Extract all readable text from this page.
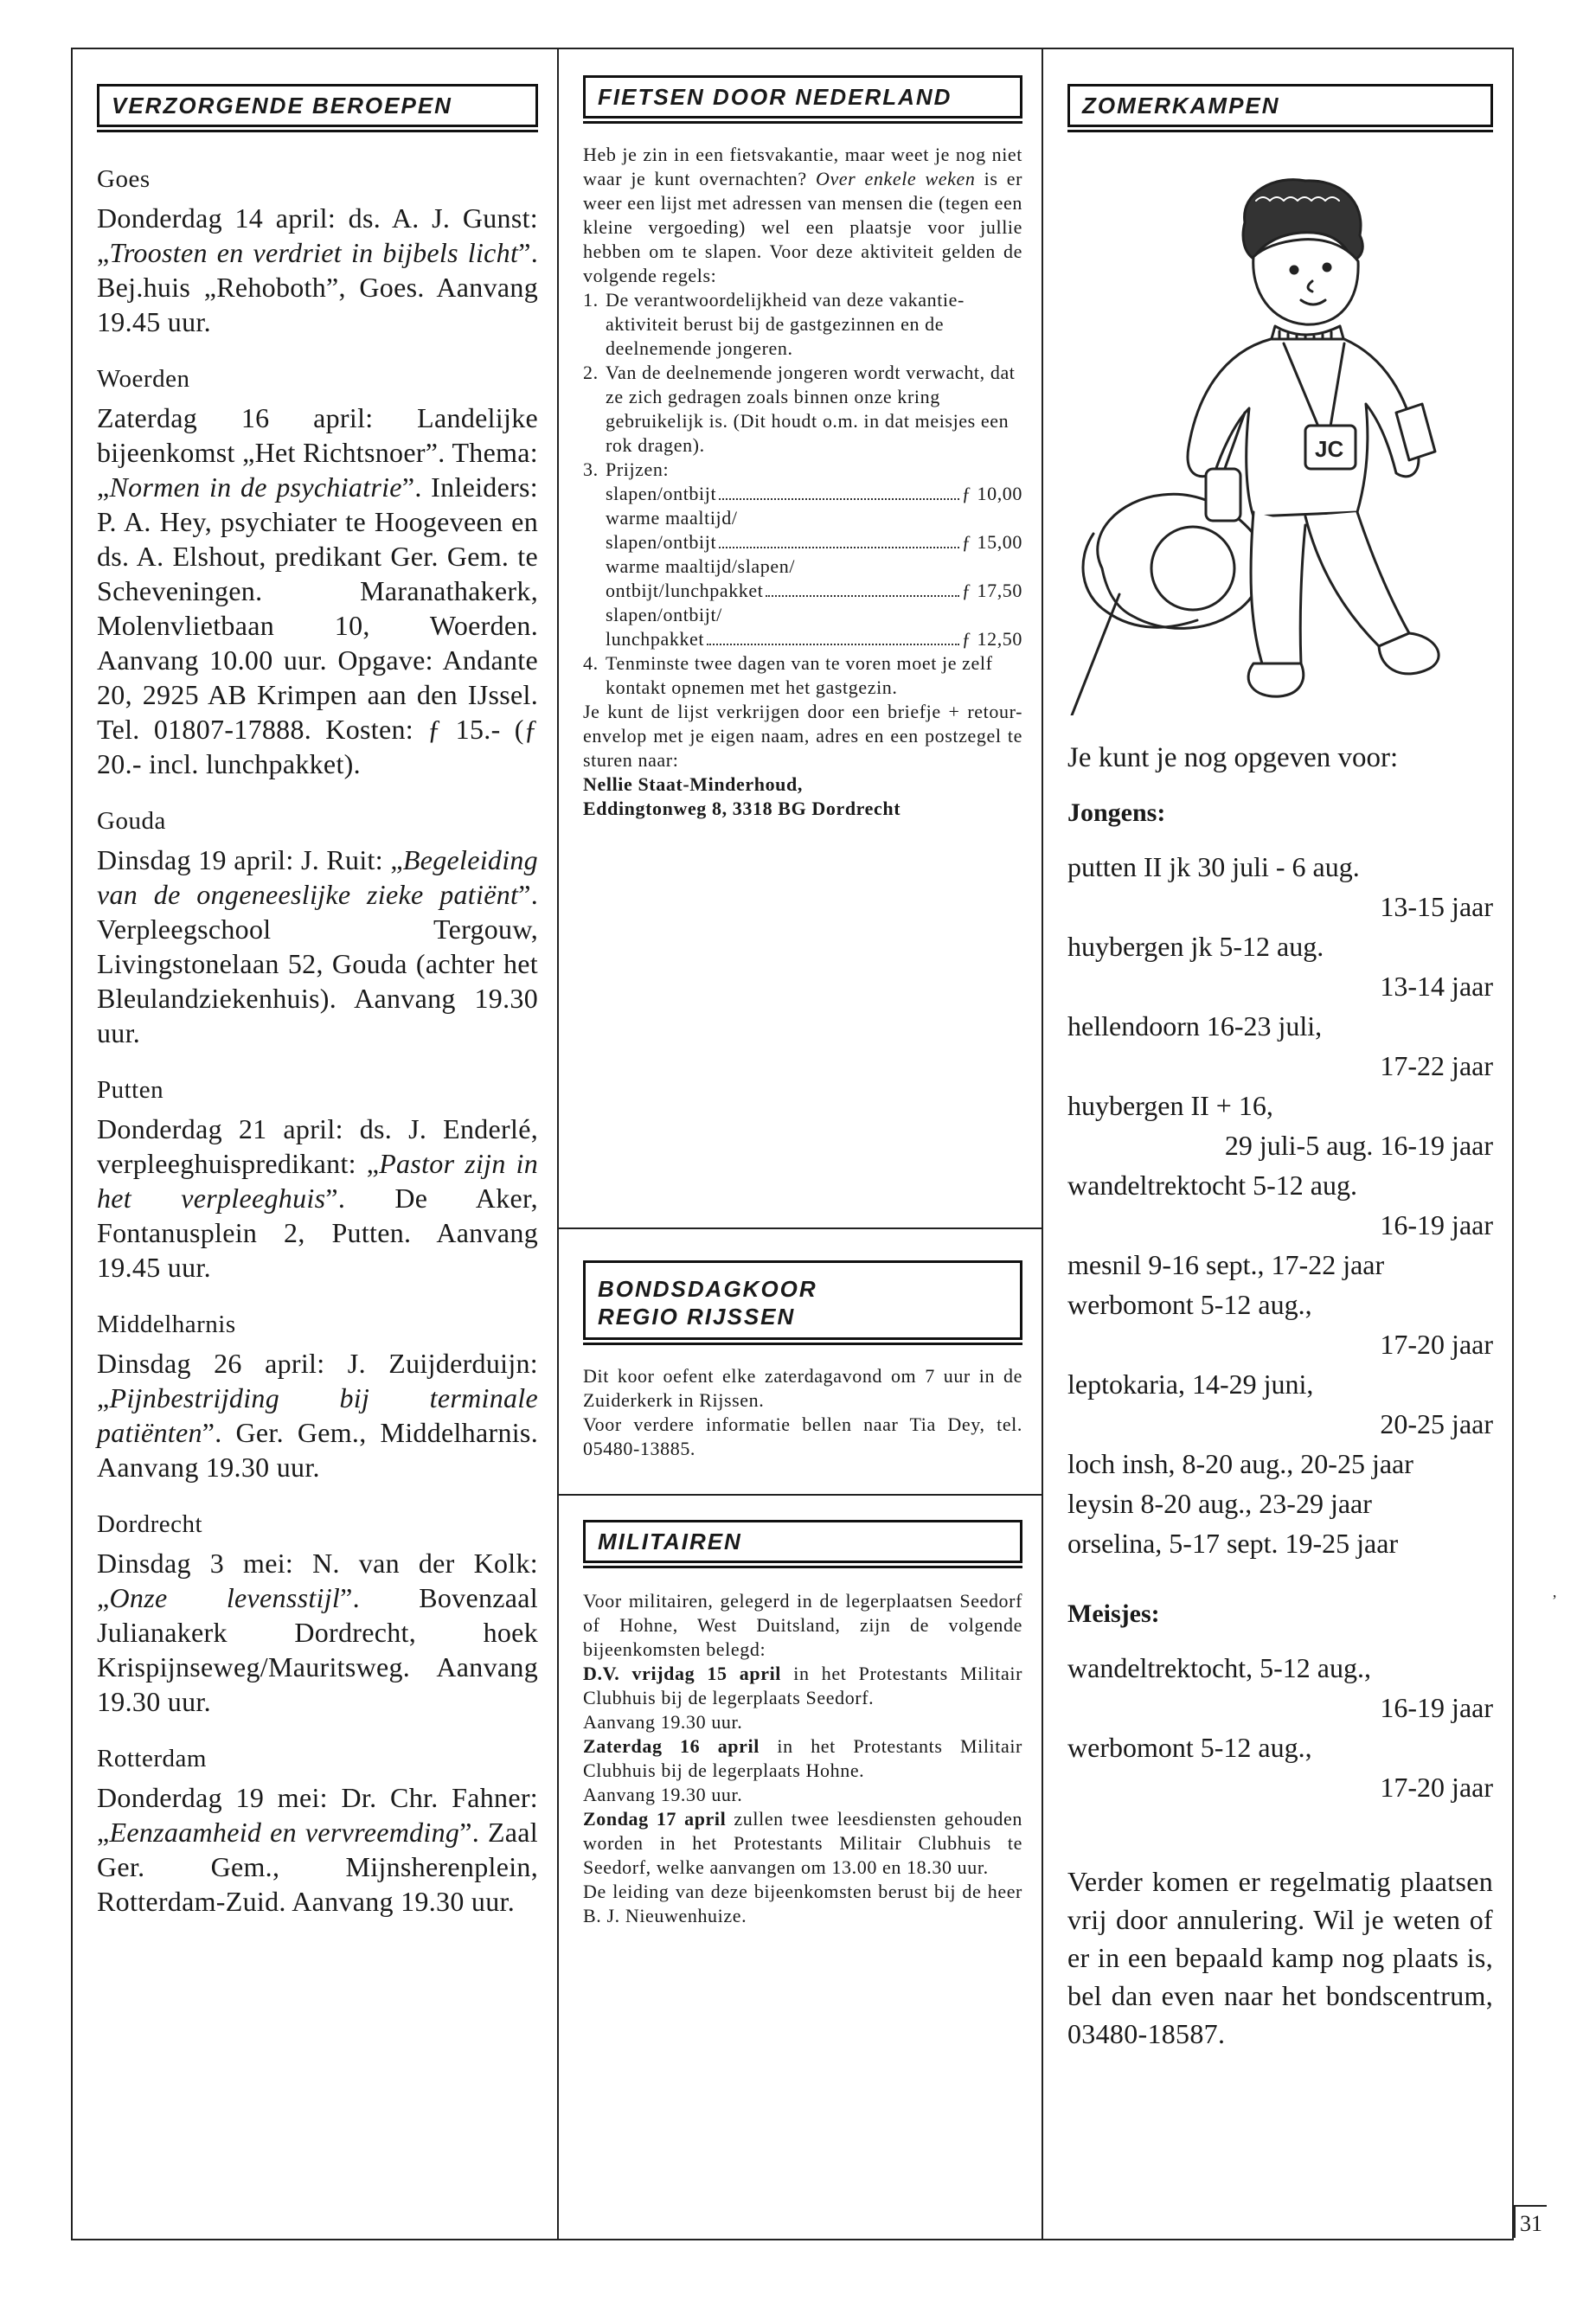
VERZORGENDE BEROEPEN
Goes
Donderdag 14 april: ds. A. J. Gunst: „Troosten en verdriet in bijbels licht”. Bej.huis „Rehoboth”, Goes. Aanvang 19.45 uur.
Woerden
Zaterdag 16 april: Landelijke bijeenkomst „Het Richtsnoer”. Thema: „Normen in de psychiatrie”. Inleiders: P. A. Hey, psychiater te Hoogeveen en ds. A. Elshout, predikant Ger. Gem. te Scheveningen. Maranathakerk, Molenvlietbaan 10, Woerden. Aanvang 10.00 uur. Opgave: Andante 20, 2925 AB Krimpen aan den IJssel. Tel. 01807-17888. Kosten: ƒ 15.- (ƒ 20.- incl. lunchpakket).
Gouda
Dinsdag 19 april: J. Ruit: „Begeleiding van de ongeneeslijke zieke patiënt”. Verpleegschool Tergouw, Livingstonelaan 52, Gouda (achter het Bleulandziekenhuis). Aanvang 19.30 uur.
Putten
Donderdag 21 april: ds. J. Enderlé, verpleeghuispredikant: „Pastor zijn in het verpleeghuis”. De Aker, Fontanusplein 2, Putten. Aanvang 19.45 uur.
Middelharnis
Dinsdag 26 april: J. Zuijderduijn: „Pijnbestrijding bij terminale patiënten”. Ger. Gem., Middelharnis. Aanvang 19.30 uur.
Dordrecht
Dinsdag 3 mei: N. van der Kolk: „Onze levensstijl”. Bovenzaal Julianakerk Dordrecht, hoek Krispijnseweg/Mauritsweg. Aanvang 19.30 uur.
Rotterdam
Donderdag 19 mei: Dr. Chr. Fahner: „Eenzaamheid en vervreemding”. Zaal Ger. Gem., Mijnsherenplein, Rotterdam-Zuid. Aanvang 19.30 uur.
FIETSEN DOOR NEDERLAND
Heb je zin in een fietsvakantie, maar weet je nog niet waar je kunt overnachten? Over enkele weken is er weer een lijst met adressen van mensen die (tegen een kleine vergoeding) wel een plaatsje voor jullie hebben om te slapen. Voor deze aktiviteit gelden de volgende regels:
1. De verantwoordelijkheid van deze vakantie-aktiviteit berust bij de gastgezinnen en de deelnemende jongeren.
2. Van de deelnemende jongeren wordt verwacht, dat ze zich gedragen zoals binnen onze kring gebruikelijk is. (Dit houdt o.m. in dat meisjes een rok dragen).
3. Prijzen:
slapen/ontbijt	ƒ 10,00
warme maaltijd/
slapen/ontbijt	ƒ 15,00
warme maaltijd/slapen/
ontbijt/lunchpakket	ƒ 17,50
slapen/ontbijt/
lunchpakket	ƒ 12,50
4. Tenminste twee dagen van te voren moet je zelf kontakt opnemen met het gastgezin.
Je kunt de lijst verkrijgen door een briefje + retour-envelop met je eigen naam, adres en een postzegel te sturen naar:
Nellie Staat-Minderhoud,
Eddingtonweg 8, 3318 BG Dordrecht
BONDSDAGKOOR
REGIO RIJSSEN
Dit koor oefent elke zaterdagavond om 7 uur in de Zuiderkerk in Rijssen.
Voor verdere informatie bellen naar Tia Dey, tel. 05480-13885.
MILITAIREN
Voor militairen, gelegerd in de legerplaatsen Seedorf of Hohne, West Duitsland, zijn de volgende bijeenkomsten belegd:
D.V. vrijdag 15 april in het Protestants Militair Clubhuis bij de legerplaats Seedorf.
Aanvang 19.30 uur.
Zaterdag 16 april in het Protestants Militair Clubhuis bij de legerplaats Hohne.
Aanvang 19.30 uur.
Zondag 17 april zullen twee leesdiensten gehouden worden in het Protestants Militair Clubhuis te Seedorf, welke aanvangen om 13.00 en 18.30 uur.
De leiding van deze bijeenkomsten berust bij de heer B. J. Nieuwenhuize.
ZOMERKAMPEN
JC
Je kunt je nog opgeven voor:
Jongens:
putten II jk 30 juli - 6 aug.
13-15 jaar
huybergen jk 5-12 aug.
13-14 jaar
hellendoorn 16-23 juli,
17-22 jaar
huybergen II + 16,
29 juli-5 aug. 16-19 jaar
wandeltrektocht 5-12 aug.
16-19 jaar
mesnil 9-16 sept., 17-22 jaar
werbomont 5-12 aug.,
17-20 jaar
leptokaria, 14-29 juni,
20-25 jaar
loch insh, 8-20 aug., 20-25 jaar
leysin 8-20 aug., 23-29 jaar
orselina, 5-17 sept. 19-25 jaar
Meisjes:
wandeltrektocht, 5-12 aug.,
16-19 jaar
werbomont 5-12 aug.,
17-20 jaar
Verder komen er regelmatig plaatsen vrij door annulering. Wil je weten of er in een bepaald kamp nog plaats is, bel dan even naar het bondscentrum, 03480-18587.
31
’
